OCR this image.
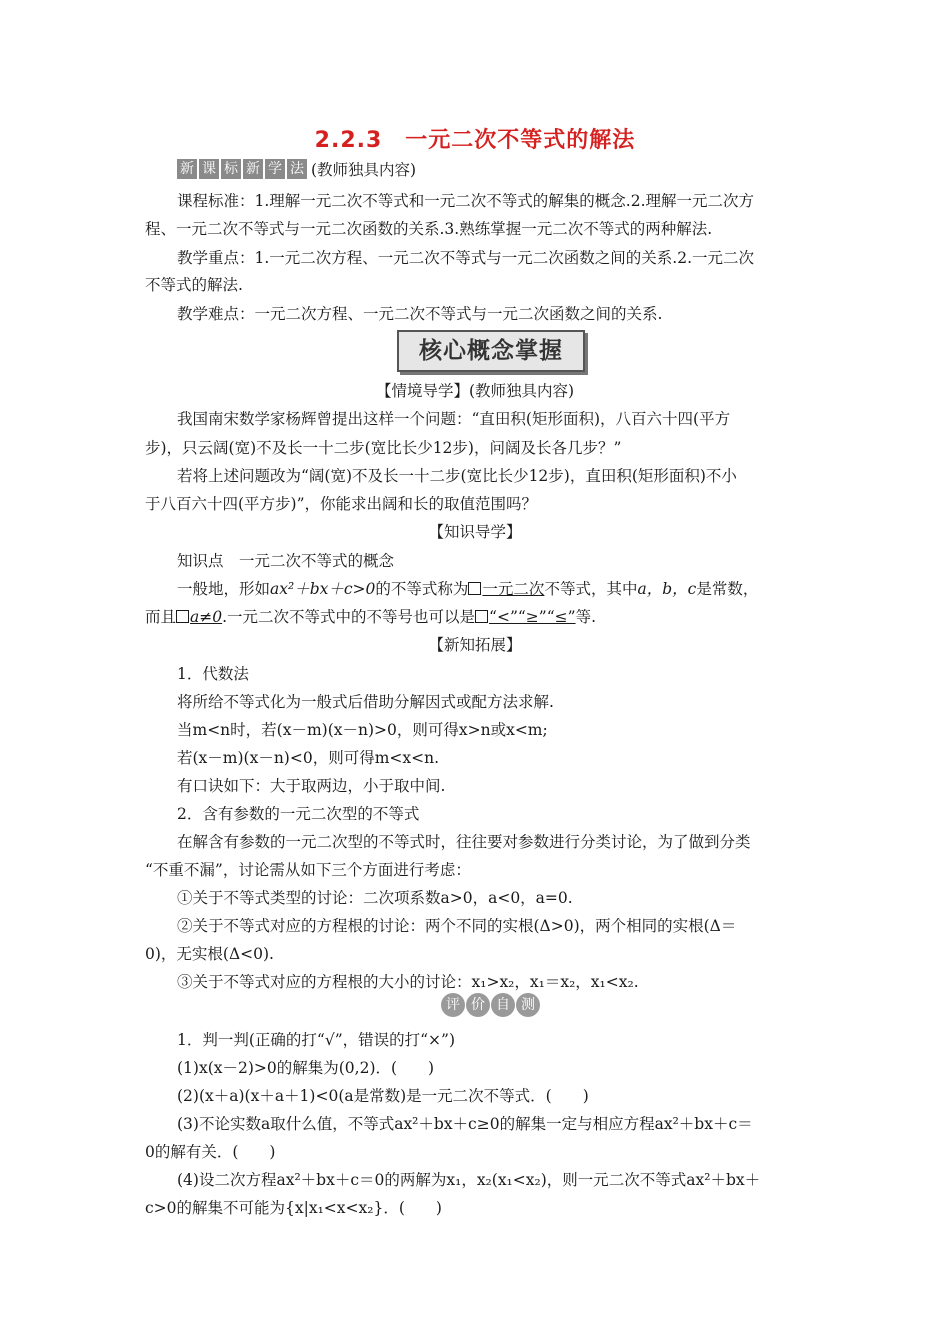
2.2.3　一元二次不等式的解法
新 课 标 新 学 法 (教师独具内容)
课程标准：1.理解一元二次不等式和一元二次不等式的解集的概念.2.理解一元二次方
程、一元二次不等式与一元二次函数的关系.3.熟练掌握一元二次不等式的两种解法.
教学重点：1.一元二次方程、一元二次不等式与一元二次函数之间的关系.2.一元二次
不等式的解法.
教学难点：一元二次方程、一元二次不等式与一元二次函数之间的关系.
核心概念掌握
【情境导学】(教师独具内容)
我国南宋数学家杨辉曾提出这样一个问题：“直田积(矩形面积)，八百六十四(平方
步)，只云阔(宽)不及长一十二步(宽比长少12步)，问阔及长各几步？”
若将上述问题改为“阔(宽)不及长一十二步(宽比长少12步)，直田积(矩形面积)不小
于八百六十四(平方步)”，你能求出阔和长的取值范围吗？
【知识导学】
知识点　一元二次不等式的概念
一般地，形如ax²＋bx＋c>0的不等式称为 一元二次不等式，其中a，b，c是常数，
而且 a≠0.一元二次不等式中的不等号也可以是 “<”“≥”“≤”等.
【新知拓展】
1．代数法
将所给不等式化为一般式后借助分解因式或配方法求解.
当m<n时，若(x－m)(x－n)>0，则可得x>n或x<m;
若(x－m)(x－n)<0，则可得m<x<n.
有口诀如下：大于取两边，小于取中间.
2．含有参数的一元二次型的不等式
在解含有参数的一元二次型的不等式时，往往要对参数进行分类讨论，为了做到分类
“不重不漏”，讨论需从如下三个方面进行考虑：
①关于不等式类型的讨论：二次项系数a>0，a<0，a=0.
②关于不等式对应的方程根的讨论：两个不同的实根(Δ>0)，两个相同的实根(Δ＝
0)，无实根(Δ<0).
③关于不等式对应的方程根的大小的讨论：x₁>x₂，x₁＝x₂，x₁<x₂.
评 价 自 测
1．判一判(正确的打“√”，错误的打“×”)
(1)x(x－2)>0的解集为(0,2)．(　　)
(2)(x＋a)(x＋a＋1)<0(a是常数)是一元二次不等式．(　　)
(3)不论实数a取什么值，不等式ax²＋bx＋c≥0的解集一定与相应方程ax²＋bx＋c＝
0的解有关．(　　)
(4)设二次方程ax²＋bx＋c＝0的两解为x₁，x₂(x₁<x₂)，则一元二次不等式ax²＋bx＋
c>0的解集不可能为{x|x₁<x<x₂}．(　　)
